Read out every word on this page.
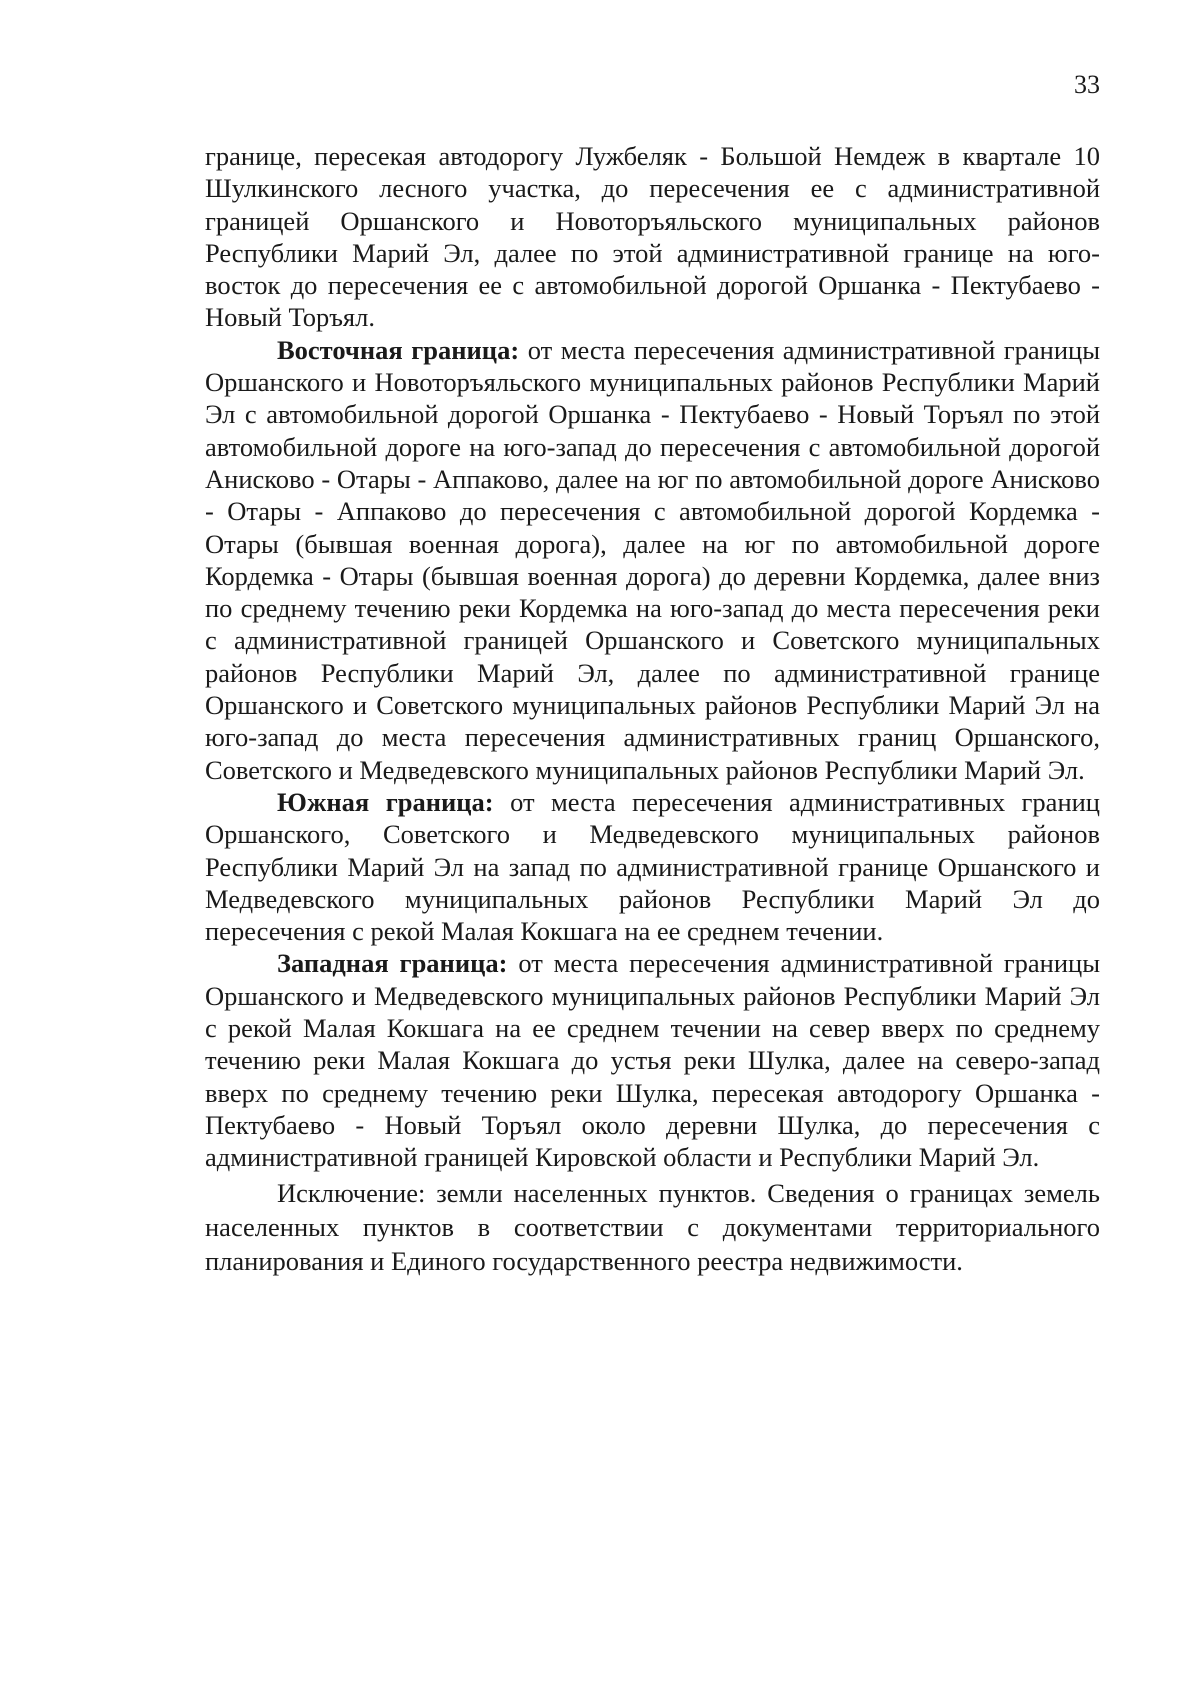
33

границе, пересекая автодорогу Лужбеляк - Большой Немдеж в квартале 10 Шулкинского лесного участка, до пересечения ее с административной границей Оршанского и Новоторъяльского муниципальных районов Республики Марий Эл, далее по этой административной границе на юго-восток до пересечения ее с автомобильной дорогой Оршанка - Пектубаево - Новый Торъял.

Восточная граница: от места пересечения административной границы Оршанского и Новоторъяльского муниципальных районов Республики Марий Эл с автомобильной дорогой Оршанка - Пектубаево - Новый Торъял по этой автомобильной дороге на юго-запад до пересечения с автомобильной дорогой Анисково - Отары - Аппаково, далее на юг по автомобильной дороге Анисково - Отары - Аппаково до пересечения с автомобильной дорогой Кордемка - Отары (бывшая военная дорога), далее на юг по автомобильной дороге Кордемка - Отары (бывшая военная дорога) до деревни Кордемка, далее вниз по среднему течению реки Кордемка на юго-запад до места пересечения реки с административной границей Оршанского и Советского муниципальных районов Республики Марий Эл, далее по административной границе Оршанского и Советского муниципальных районов Республики Марий Эл на юго-запад до места пересечения административных границ Оршанского, Советского и Медведевского муниципальных районов Республики Марий Эл.

Южная граница: от места пересечения административных границ Оршанского, Советского и Медведевского муниципальных районов Республики Марий Эл на запад по административной границе Оршанского и Медведевского муниципальных районов Республики Марий Эл до пересечения с рекой Малая Кокшага на ее среднем течении.

Западная граница: от места пересечения административной границы Оршанского и Медведевского муниципальных районов Республики Марий Эл с рекой Малая Кокшага на ее среднем течении на север вверх по среднему течению реки Малая Кокшага до устья реки Шулка, далее на северо-запад вверх по среднему течению реки Шулка, пересекая автодорогу Оршанка - Пектубаево - Новый Торъял около деревни Шулка, до пересечения с административной границей Кировской области и Республики Марий Эл.

Исключение: земли населенных пунктов. Сведения о границах земель населенных пунктов в соответствии с документами территориального планирования и Единого государственного реестра недвижимости.
